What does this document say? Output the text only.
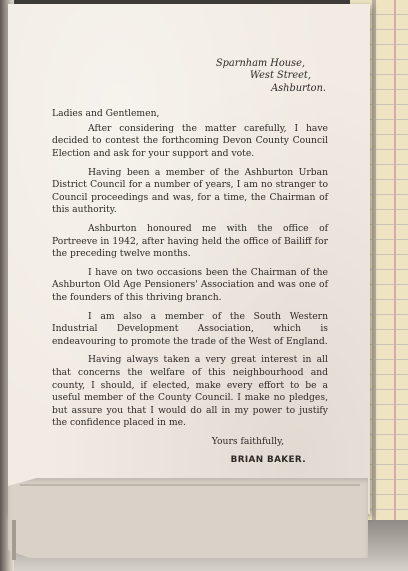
Sparnham House,
West Street,
Ashburton.

Ladies and Gentlemen,

After considering the matter carefully, I have decided to contest the forthcoming Devon County Council Election and ask for your support and vote.

Having been a member of the Ashburton Urban District Council for a number of years, I am no stranger to Council proceedings and was, for a time, the Chairman of this authority.

Ashburton honoured me with the office of Portreeve in 1942, after having held the office of Bailiff for the preceding twelve months.

I have on two occasions been the Chairman of the Ashburton Old Age Pensioners' Association and was one of the founders of this thriving branch.

I am also a member of the South Western Industrial Development Association, which is endeavouring to promote the trade of the West of England.

Having always taken a very great interest in all that concerns the welfare of this neighbourhood and county, I should, if elected, make every effort to be a useful member of the County Council. I make no pledges, but assure you that I would do all in my power to justify the confidence placed in me.

Yours faithfully,
BRIAN BAKER.
